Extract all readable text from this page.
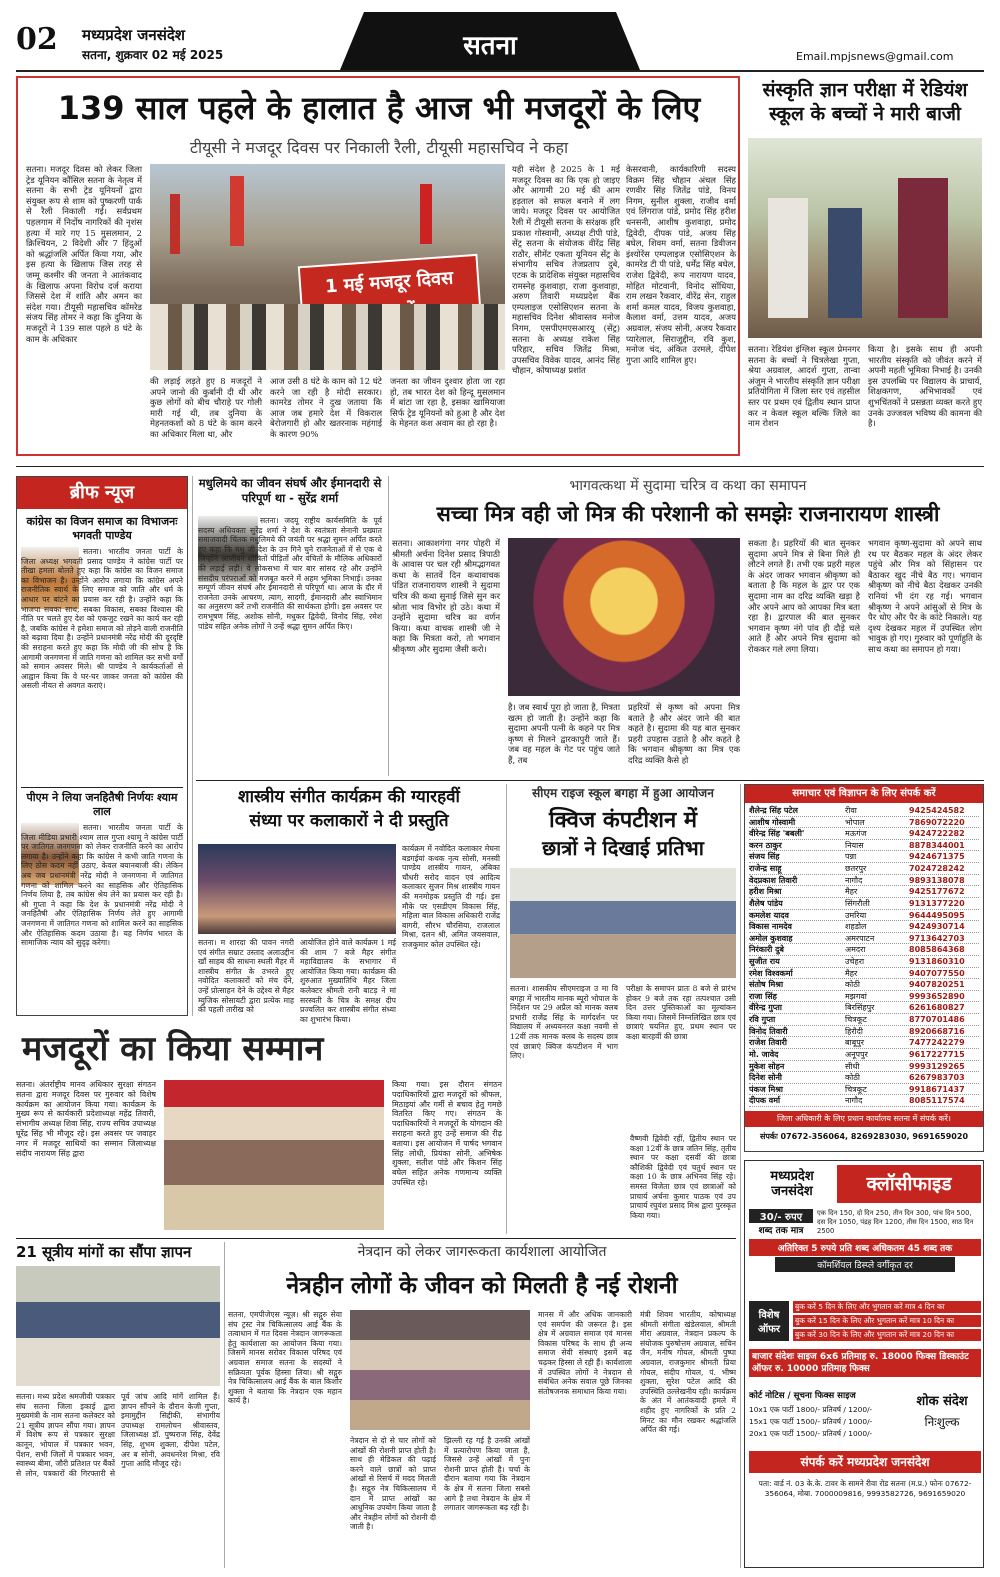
02 मध्यप्रदेश जनसंदेश
सतना, शुक्रवार 02 मई 2025	सतना	Email.mpjsnews@gmail.com
139 साल पहले के हालात है आज भी मजदूरों के लिए
टीयूसी ने मजदूर दिवस पर निकाली रैली, टीयूसी महासचिव ने कहा
सतना। मजदूर दिवस को लेकर जिला ट्रेड यूनियन कौंसिल सतना के नेतृत्व में सतना के सभी ट्रेड यूनियनों द्वारा संयुक्त रूप से शाम को पुष्करणी पार्क से रैली निकाली गई। सर्वप्रथम पहलगाम में निर्दोष नागरिकों की नृशंस हत्या में मारे गए 15 मुसलमान, 2 क्रिश्चियन, 2 विदेशी और 7 हिंदुओं को श्रद्धांजलि अर्पित किया गया, और इस हत्या के खिलाफ जिस तरह से जम्मू कश्मीर की जनता ने आतंकवाद के खिलाफ अपना विरोध दर्ज कराया जिससे देश में शांति और अमन का संदेश गया। टीयूसी महासचिव कॉमरेड संजय सिंह तोमर ने कहा कि दुनिया के मजदूरों ने 139 साल पहले 8 घंटे के काम के अधिकार
1 मई मजदूर दिवस
की लड़ाई लड़ते हुए 8 मजदूरों ने अपने जानो की कुर्बानी दी थी और कुछ लोगों को बीच चौराहे पर गोली मारी गई थी, तब दुनिया के मेहनतकशों को 8 घंटे के काम करने का अधिकार मिला था, और
आज उसी 8 घंटे के काम को 12 घंटे करने जा रही है मोदी सरकार। कामरेड तोमर ने दुख जताया कि आज जब हमारे देश में विकराल बेरोजगारी हो और खतरनाक महंगाई के कारण 90%
जनता का जीवन दुश्वार होता जा रहा हो, तब भारत देश को हिन्दू मुसलमान में बांटा जा रहा है, इसका खामियाजा सिर्फ ट्रेड यूनियनों को हुआ है और देश के मेहनत कश अवाम का हो रहा है।
यही संदेश है 2025 के 1 मई मजदूर दिवस का कि एक हो जाइए और आगामी 20 मई की आम हड़ताल को सफल बनाने में लग जाये। मजदूर दिवस पर आयोजित रैली में टीयूसी सतना के सरंक्षक हरि प्रकाश गोस्वामी, अध्यक्ष टीपी पांडे, सेंट्र सतना के संयोजक वीरेंद्र सिंह राठौर, सीमेंट एकता यूनियन सेंट्र के संभागीय सचिव तेजप्रताप दुबे, एटक के प्रादेशिक संयुक्त महासचिव रामस्नेह कुशवाहा, राजा कुशवाहा, अरुण तिवारी मध्यप्रदेश बैंक एम्पलाइज एसोसिएशन सतना के महासचिव दिनेश श्रीवास्तव मनोज निगम, एसपीएमएसआरयू (सेंट्र) सतना के अध्यक्ष राकेश सिंह परिहार, सचिव जितेंद्र मिश्रा, उपसचिव विवेक यादव, आनंद सिंह चौहान, कोषाध्यक्ष प्रशांत
केसरवानी, कार्यकारिणी सदस्य विक्रम सिंह चौहान अंचल सिंह रणवीर सिंह जितेंद्र पांडे, विनय निगम, सुनील शुक्ला, राजीव वर्मा एवं लिंगराज पांडे, प्रमोद सिंह हरीश धनसनी, आशीष कुशवाहा, प्रमोद द्विवेदी, दीपक पांडे, अजय सिंह बघेल, शिवम वर्मा, सतना डिवीजन इंश्योरेंस एम्पलाइज एसोसिएशन के कामरेड टी पी पांडे, धर्मेंद्र सिंह बघेल, राजेश द्विवेदी, रूप नारायण यादव, मोहित मोटवानी, विनोद सोंधिया, राम लखन रैकवार, वीरेंद्र सेन, राहुल शर्मा कमल यादव, विजय कुशवाहा, कैलाश वर्मा, उत्तम यादव, अजय अग्रवाल, संजय सोनी, अजय रैकवार प्यारेलाल, सिराजुद्दीन, रवि कुश, मनोज चंद, अंकित उरमले, दीपेश गुप्ता आदि शामिल हुए।
संस्कृति ज्ञान परीक्षा में रेडियंश स्कूल के बच्चों ने मारी बाजी
सतना। रेडियंश इंग्लिश स्कूल प्रेमनगर सतना के बच्चों ने चित्रलेखा गुप्ता, श्रेया अग्रवाल, आदर्श गुप्ता, तान्वा अंजुम ने भारतीय संस्कृति ज्ञान परीक्षा प्रतियोगिता में जिला स्तर एवं तहसील स्तर पर प्रथम एवं द्वितीय स्थान प्राप्त कर न केवल स्कूल बल्कि जिले का नाम रोशन
किया है। इसके साथ ही अपनी भारतीय संस्कृति को जीवंत करने में अपनी महती भूमिका निभाई है। उनकी इस उपलब्धि पर विद्यालय के प्राचार्य, शिक्षकगण, अभिभावकों एवं शुभचिंतकों ने प्रसन्नता व्यक्त करते हुए उनके उज्जवल भविष्य की कामना की है।
ब्रीफ न्यूज
कांग्रेस का विजन समाज का विभाजनः भगवती पाण्डेय
सतना। भारतीय जनता पार्टी के जिला अध्यक्ष भगवती प्रसाद पाण्डेय ने कांग्रेस पार्टी पर तीखा हमला बोलते हुए कहा कि कांग्रेस का विजन समाज का विभाजन है। उन्होंने आरोप लगाया कि कांग्रेस अपने राजनीतिक स्वार्थ के लिए समाज को जाति और धर्म के आधार पर बांटने का प्रयास कर रही है। उन्होंने कहा कि भाजपा सबका साथ, सबका विकास, सबका विश्वास की नीति पर चलते हुए देश को एकजुट रखने का कार्य कर रही है, जबकि कांग्रेस ने हमेशा समाज को तोड़ने वाली राजनीति को बढ़ावा दिया है। उन्होंने प्रधानमंत्री नरेंद्र मोदी की दूरदृष्टि की सराहना करते हुए कहा कि मोदी जी की सोच है कि आगामी जनगणना में जाति गणना को शामिल कर सभी वर्गों को समान अवसर मिले। श्री पाण्डेय ने कार्यकर्ताओं से आह्वान किया कि वे घर-घर जाकर जनता को कांग्रेस की असली नीयत से अवगत कराएं।
पीएम ने लिया जनहितैषी निर्णयः श्याम लाल
सतना। भारतीय जनता पार्टी के जिला मीडिया प्रभारी श्याम लाल गुप्ता श्यामू ने कांग्रेस पार्टी पर जातिगत जनगणना को लेकर राजनीति करने का आरोप लगाया है। उन्होंने कहा कि कांग्रेस ने कभी जाति गणना के लिए ठोस कदम नहीं उठाए, केवल बयानबाजी की। लेकिन अब जब प्रधानमंत्री नरेंद्र मोदी ने जनगणना में जातिगत गणना को शामिल करने का साहसिक और ऐतिहासिक निर्णय लिया है, तब कांग्रेस श्रेय लेने का प्रयास कर रही है। श्री गुप्ता ने कहा कि देश के प्रधानमंत्री नरेंद्र मोदी ने जनहितैषी और ऐतिहासिक निर्णय लेते हुए आगामी जनगणना में जातिगत गणना को शामिल करने का साहसिक और ऐतिहासिक कदम उठाया है। यह निर्णय भारत के सामाजिक न्याय को सुदृढ़ करेगा।
मधुलिमये का जीवन संघर्ष और ईमानदारी से परिपूर्ण था - सुरेंद्र शर्मा
सतना। जदयू राष्ट्रीय कार्यसमिति के पूर्व सदस्य अधिवक्ता सुरेंद्र शर्मा ने देश के स्वतंत्रता सेनानी प्रख्यात समाजवादी चिंतक मधुलिमये की जयंती पर श्रद्धा सुमन अर्पित करते हुए कहा कि मधु जी देश के उन गिने चुने राजनेताओं में से एक थे जिन्होंने आजीवन शोषितों पीड़ितों और वंचितों के मौलिक अधिकारों की लड़ाई लड़ी। वे लोकसभा में चार बार सांसद रहे और उन्होंने संसदीय परंपराओं को मजबूत करने में अहम भूमिका निभाई। उनका सम्पूर्ण जीवन संघर्ष और ईमानदारी से परिपूर्ण था। आज के दौर में राजनेता उनके आचरण, त्याग, सादगी, ईमानदारी और स्वाभिमान का अनुसरण करें तभी राजनीति की सार्थकता होगी। इस अवसर पर रामभूषण सिंह, अशोक सोनी, मधुकर द्विवेदी, विनोद सिंह, रमेश पांडेय सहित अनेक लोगों ने उन्हें श्रद्धा सुमन अर्पित किए।
भागवत्कथा में सुदामा चरित्र व कथा का समापन
सच्चा मित्र वही जो मित्र की परेशानी को समझेः राजनारायण शास्त्री
सतना। आकाशगंगा नगर पोहरी में श्रीमती अर्चना दिनेश प्रसाद त्रिपाठी के आवास पर चल रही श्रीमद्भागवत कथा के सातवें दिन कथावाचक पंडित राजनारायण शास्त्री ने सुदामा चरित्र की कथा सुनाई जिसे सुन कर श्रोता भाव विभोर हो उठे। कथा में उन्होंने सुदामा चरित्र का वर्णन किया। कथा वाचक शास्त्री जी ने कहा कि मित्रता करो, तो भगवान श्रीकृष्ण और सुदामा जैसी करो।
है। जब स्वार्थ पूरा हो जाता है, मित्रता खत्म हो जाती है। उन्होंने कहा कि सुदामा अपनी पत्नी के कहने पर मित्र कृष्ण से मिलने द्वारकापुरी जाते हैं। जब वह महल के गेट पर पहुंच जाते हैं, तब
प्रहरियों से कृष्ण को अपना मित्र बताते है और अंदर जाने की बात कहते है। सुदामा की यह बात सुनकर प्रहरी उपहास उड़ाते है और कहते है कि भगवान श्रीकृष्ण का मित्र एक दरिद्र व्यक्ति कैसे हो
सकता है। प्रहरियों की बात सुनकर सुदामा अपने मित्र से बिना मिले ही लौटने लगते हैं। तभी एक प्रहरी महल के अंदर जाकर भगवान श्रीकृष्ण को बताता है कि महल के द्वार पर एक सुदामा नाम का दरिद्र व्यक्ति खड़ा है और अपने आप को आपका मित्र बता रहा है। द्वारपाल की बात सुनकर भगवान कृष्ण नंगे पांव ही दौड़े चले आते हैं और अपने मित्र सुदामा को रोककर गले लगा लिया।
भगवान कृष्ण-सुदामा को अपने साथ रथ पर बैठकर महल के अंदर लेकर पहुंचे और मित्र को सिंहासन पर बैठाकर खुद नीचे बैठ गए। भगवान श्रीकृष्ण को नीचे बैठा देखकर उनकी रानियां भी दंग रह गई। भगवान श्रीकृष्ण ने अपने आंसुओं से मित्र के पैर धोए और पैर के कांटे निकाले। यह दृश्य देखकर महल में उपस्थित लोग भावुक हो गए। गुरुवार को पूर्णाहुति के साथ कथा का समापन हो गया।
शास्त्रीय संगीत कार्यक्रम की ग्यारहवीं
संध्या पर कलाकारों ने दी प्रस्तुति
कार्यक्रम में नवोदित कलाकार मेघना बडगईयां कथक नृत्य सोसी, मनस्वी पाण्डेय शास्त्रीय गायन, अंबिका चौधरी सरोद वादन एवं आदित्य कलाकार सुजन मिश्र शास्त्रीय गायन की मनमोहक प्रस्तुति दी गई। इस मौके पर एसडीएम विकास सिंह, महिला बाल विकास अधिकारी राजेंद्र बागरी, सौरभ चौरसिया, राजलाल मिश्रा, दलन श्री, अमित जयसवाल, राजकुमार कोल उपस्थित रहे।
सतना। म शारदा की पावन नगरी एवं संगीत सम्राट उस्ताद अलाउद्दीन खाँ साहब की साधना स्थली मैहर में शास्त्रीय संगीत के उभरते हुए नवोदित कलाकारों को मंच देने, उन्हें प्रोत्साहन देने के उद्देश्य से मैहर म्युजिक सोसायटी द्वारा प्रत्येक माह की पहली तारीख को
आयोजित होने वाले कार्यक्रम 1 मई की शाम 7 बजे मैहर संगीत महाविद्यालय के सभागार में आयोजित किया गया। कार्यक्रम की शुरुआत मुख्यातिथि मैहर जिला कलेक्टर श्रीमती रानी बाटड़ ने मां सरस्वती के चित्र के समक्ष दीप प्रज्वलित कर शास्त्रीय संगीत संध्या का शुभारंभ किया।
सीएम राइज स्कूल बगहा में हुआ आयोजन
क्विज कंपटीशन में
छात्रों ने दिखाई प्रतिभा
सतना। शासकीय सीएमराइज उ मा वि बगहा में भारतीय मानक ब्यूरो भोपाल के निर्देशन पर 29 अप्रैल को मानक क्लब प्रभारी राजेंद्र सिंह के मार्गदर्शन पर विद्यालय में अध्ययनरत कक्षा नवमी से 12वीं तक मानक क्लब के सदस्य छात्र एवं छात्राएं क्विज कंपटीशन में भाग लिए।
परीक्षा के समापन प्रातः 8 बजे से प्रारंभ होकर 9 बजे तक रहा तत्पश्चात उसी दिन उत्तर पुस्तिकाओं का मूल्यांकन किया गया। जिसमें निम्नलिखित छात्र एवं छात्राएं चयनित हुए, प्रथम स्थान पर कक्षा बारहवीं की छात्रा
वैष्णवी द्विवेदी रहीं, द्वितीय स्थान पर कक्षा 12वीं के छात्र जतिन सिंह, तृतीय स्थान पर कक्षा दसवीं की छात्रा कौशिकी द्विवेदी एवं चतुर्थ स्थान पर कक्षा 10 के छात्र अभिनव सिंह रहे। समस्त विजेता छात्र एवं छात्राओं को प्राचार्य अर्चना कुमार पाठक एवं उप प्राचार्य रघुवंश प्रसाद मिश्र द्वारा पुरस्कृत किया गया।
समाचार एवं विज्ञापन के लिए संपर्क करें
शैलेन्द्र सिंह पटेल	रीवा	9425424582
आशीष गोस्वामी	भोपाल	7869072220
वीरेन्द्र सिंह 'बबली'	मऊगंज	9424722282
करन ठाकुर	नियास	8878344001
संजय सिंह	पन्ना	9424671375
राजेन्द्र साहू	छतरपुर	7024728242
वेदप्रकाश तिवारी	नागौद	9893138078
हरीश मिश्रा	मैहर	9425177672
शैलेष पांडेय	सिंगरौली	9131377220
कमलेश यादव	उमरिया	9644495095
विकास नामदेव	शहडोल	9424930714
अमोल कुशवाह	अमरपाटन	9713642703
निरंकारी दुबे	अमदरा	8085864368
सुजीत राय	उचेहरा	9131860310
रमेश विश्वकर्मा	मैहर	9407077550
संतोष मिश्रा	कोठी	9407820251
राजा सिंह	मझगवां	9993652890
वीरेन्द्र गुप्ता	बिरसिंहपुर	6261680827
रवि गुप्ता	चित्रकूट	8770701486
विनोद तिवारी	हिरौदी	8920668716
राजेश तिवारी	बाबूपुर	7477242279
मो. जावेद	अनूपपुर	9617227715
मुकेश सोहन	सीधी	9993129265
दिनेश सोनी	कोठी	6267983703
पंकज मिश्रा	चित्रकूट	9918671437
दीपक वर्मा	नागौद	8085117574
जिला अधिकारी के लिए प्रधान कार्यालय सतना में संपर्क करें।
संपर्कः 07672-356064, 8269283030, 9691659020
मजदूरों का किया सम्मान
सतना। अंतर्राष्ट्रीय मानव अधिकार सुरक्षा संगठन सतना द्वारा मजदूर दिवस पर गुरुवार को विशेष कार्यक्रम का आयोजन किया गया। कार्यक्रम के मुख्य रूप से कार्यकारी प्रदेशाध्यक्ष महेंद्र तिवारी, संभागीय अध्यक्ष शिवा सिंह, राज्य सचिव उपाध्यक्ष घूरेंद्र सिंह भी मौजूद रहे। इस अवसर पर जवाहर नगर में मजदूर साथियों का सम्मान जिलाध्यक्ष संदीप नारायण सिंह द्वारा
किया गया। इस दौरान संगठन पदाधिकारियों द्वारा मजदूरों को श्रीफल, मिठाइयां और गर्मी से बचाव हेतु गमछे वितरित किए गए। संगठन के पदाधिकारियों ने मजदूरों के योगदान की सराहना करते हुए उन्हें समाज की रीढ़ बताया। इस आयोजन में पार्षद भगवान सिंह लोधी, प्रियंका सोनी, अभिषेक शुक्ला, सतीश पांडे और किशन सिंह बघेल सहित अनेक गणमान्य व्यक्ति उपस्थित रहे।
21 सूत्रीय मांगों का सौंपा ज्ञापन
सतना। मध्य प्रदेश श्रमजीवी पत्रकार संघ सतना जिला इकाई द्वारा मुख्यमंत्री के नाम सतना कलेक्टर को 21 सूत्रीय ज्ञापन सौंपा गया। ज्ञापन में विशेष रूप से पत्रकार सुरक्षा कानून, भोपाल में पत्रकार भवन, पेंशन, सभी जिलों में पत्रकार भवन, स्वास्थ्य बीमा, जौरी प्रतिशत पर बैंकों से लोन, पत्रकारों की गिरफ्तारी से पूर्व जांच आदि मांगें शामिल हैं। ज्ञापन सौंपने के दौरान केजी गुप्ता, इमामुद्दीन सिद्दीकी, संभागीय उपाध्यक्ष रामलोचन श्रीवास्तव, जिलाध्यक्ष डॉ. पुष्पराज सिंह, देवेंद्र सिंह, शुभम शुक्ला, दीपेश पटेल, अर ब सोनी, अवधनरेश मिश्रा, रवि गुप्ता आदि मौजूद रहे।
नेत्रदान को लेकर जागरूकता कार्यशाला आयोजित
नेत्रहीन लोगों के जीवन को मिलती है नई रोशनी
सतना, एमपीजेएस न्यूज़। श्री सद्गुरु सेवा संघ ट्रस्ट नेत्र चिकित्सालय आई बैंक के तत्वाधान में गत दिवस नेत्रदान जागरूकता हेतु कार्यशाला का आयोजन किया गया। जिसमें मानस सरोवर विकास परिषद एवं अग्रवाल समाज सतना के सदस्यों ने सक्रियता पूर्वक हिस्सा लिया। श्री सद्गुरु नेत्र चिकित्सालय आई बैंक के बाल किशोर शुक्ला ने बताया कि नेत्रदान एक महान कार्य है।
नेत्रदान से दो से चार लोगों को आंखों की रोशनी प्राप्त होती है। साथ ही मेडिकल की पढ़ाई करने वाले छात्रों को प्राप्त आंखों से रिसर्च में मदद मिलती है। सद्गुरु नेत्र चिकित्सालय में दान में प्राप्त आंखों का आधुनिक उपयोग किया जाता है और नेत्रहीन लोगों को रोशनी दी जाती है।
झिल्ली रह गई है उनकी आंखों में प्रत्यारोपण किया जाता है, जिससे उन्हें आंखों में पुनः रोशनी प्राप्त होती है। चर्चा के दौरान बताया गया कि नेत्रदान के क्षेत्र में सतना जिला सबसे आगे है तथा नेत्रदान के क्षेत्र में लगातार जागरूकता बढ़ रही है।
मानस में और अधिक जानकारी एवं समर्पण की जरूरत है। इस क्षेत्र में अग्रवाल समाज एवं मानस विकास परिषद के साथ ही अन्य समाज सेवी संस्थाएं इसमें बढ़ चढ़कर हिस्सा ले रही हैं। कार्यशाला में उपस्थित लोगों ने नेत्रदान से संबंधित अनेक सवाल पूछे जिनका संतोषजनक समाधान किया गया।
मंत्री शिवम भारतीय, कोषाध्यक्ष श्रीमती संगीता खंडेलवाल, श्रीमती मीरा अग्रवाल, नेत्रदान प्रकल्प के संयोजक पुरुषोत्तम अग्रवाल, सचिन जैन, मनीष गोयल, श्रीमती पुष्पा अग्रवाल, राजकुमार श्रीमती प्रिया गोयल, संदीप गोयल, पं. भीष्म शुक्ला, सुरेश पटेल आदि की उपस्थिति उल्लेखनीय रही। कार्यक्रम के अंत में आतंकवादी हमले में शहीद हुए नागरिकों के प्रति 2 मिनट का मौन रखकर श्रद्धांजलि अर्पित की गई।
मध्यप्रदेश जनसंदेश	क्लॉसीफाइड
30/- रुपए
शब्द तक मात्र
एक दिन 150, दो दिन 250, तीन दिन 300, पांच दिन 500, दस दिन 1050, पंद्रह दिन 1200, तीस दिन 1500, साठ दिन 2500
अतिरिक्त 5 रुपये प्रति शब्द अधिकतम 45 शब्द तक
कॉमर्शियल डिस्प्ले वर्गीकृत दर
विशेष ऑफर
बुक करें 5 दिन के लिए और भुगतान करें मात्र 4 दिन का
बुक करें 15 दिन के लिए और भुगतान करें मात्र 10 दिन का
बुक करें 30 दिन के लिए और भुगतान करें मात्र 20 दिन का
बाजार संदेशः साइज 6x6 प्रतिमाह रु. 18000 फिक्स डिस्काउंट ऑफर रु. 10000 प्रतिमाह फिक्स
कोर्ट नोटिस / सूचना फिक्स साइज
10x1 एक पार्टी 1800/- प्रतिवर्ष / 1200/-
15x1 एक पार्टी 1500/- प्रतिवर्ष / 1000/-
20x1 एक पार्टी 1500/- प्रतिवर्ष / 1000/-
शोक संदेश
निःशुल्क
संपर्क करें मध्यप्रदेश जनसंदेश
पता: वार्ड नं. 03 के.के. टावर के सामने रीवा रोड सतना (म.प्र.) फोनः 07672-356064, मोबा. 7000009816, 9993582726, 9691659020
